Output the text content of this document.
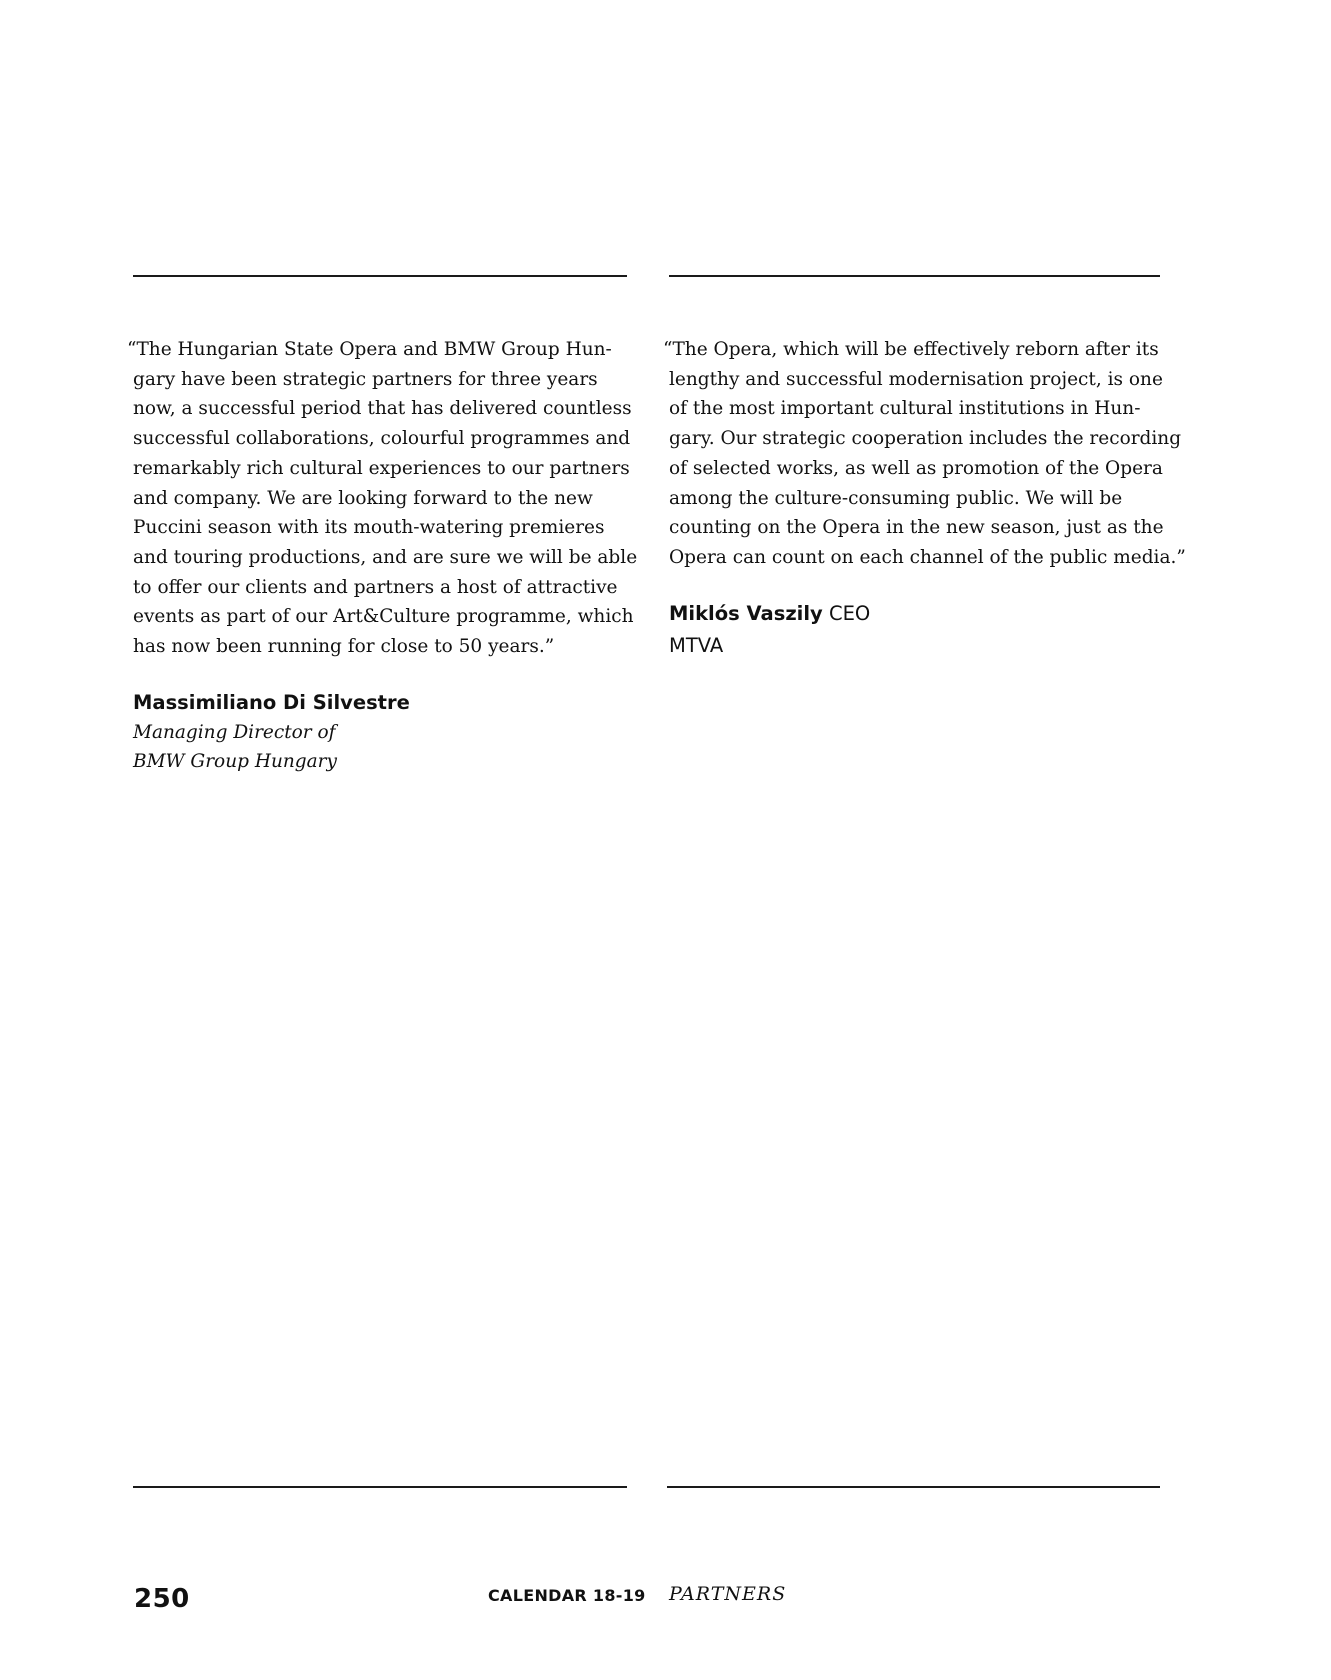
“The Hungarian State Opera and BMW Group Hun-
gary have been strategic partners for three years
now, a successful period that has delivered countless
successful collaborations, colourful programmes and
remarkably rich cultural experiences to our partners
and company. We are looking forward to the new
Puccini season with its mouth-watering premieres
and touring productions, and are sure we will be able
to offer our clients and partners a host of attractive
events as part of our Art&Culture programme, which
has now been running for close to 50 years.”
Massimiliano Di Silvestre
Managing Director of
BMW Group Hungary
“The Opera, which will be effectively reborn after its
lengthy and successful modernisation project, is one
of the most important cultural institutions in Hun-
gary. Our strategic cooperation includes the recording
of selected works, as well as promotion of the Opera
among the culture-consuming public. We will be
counting on the Opera in the new season, just as the
Opera can count on each channel of the public media.”
Miklós Vaszily CEO
MTVA
250	CALENDAR 18-19 PARTNERS
